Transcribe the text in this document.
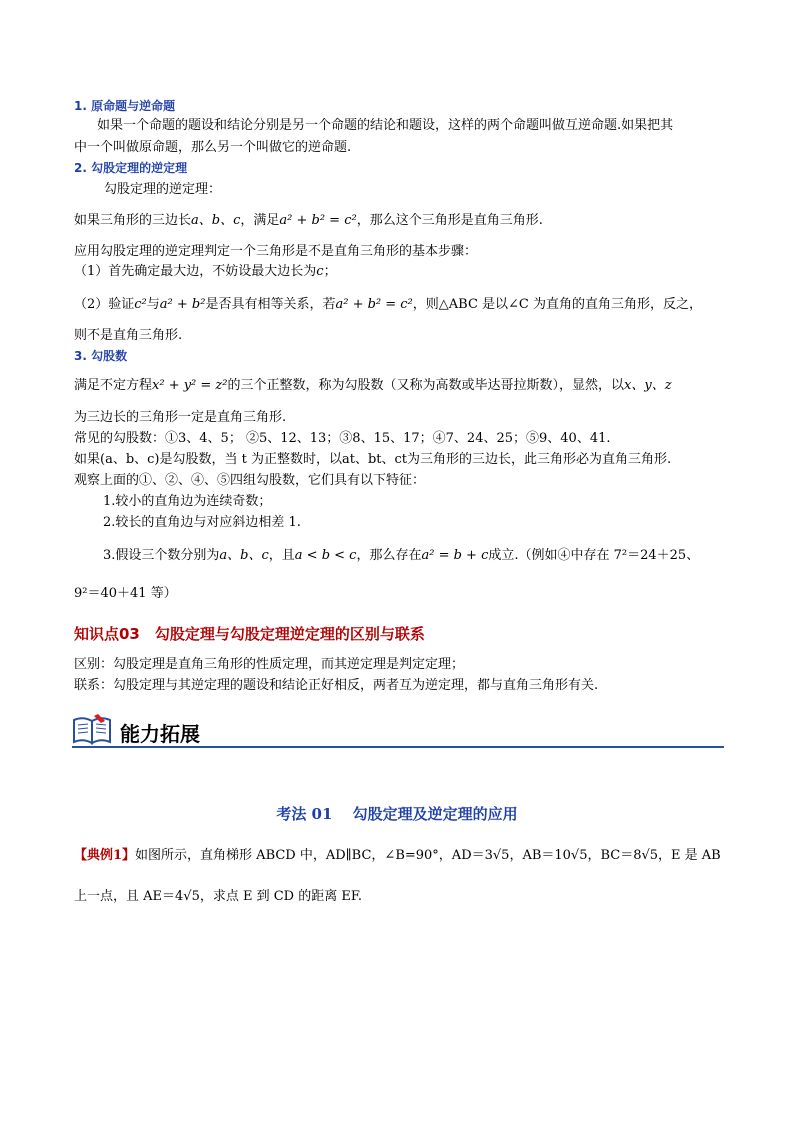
1. 原命题与逆命题
如果一个命题的题设和结论分别是另一个命题的结论和题设，这样的两个命题叫做互逆命题.如果把其
中一个叫做原命题，那么另一个叫做它的逆命题.
2. 勾股定理的逆定理
勾股定理的逆定理：
如果三角形的三边长a、b、c，满足a² + b² = c²，那么这个三角形是直角三角形.
应用勾股定理的逆定理判定一个三角形是不是直角三角形的基本步骤：
（1）首先确定最大边，不妨设最大边长为c；
（2）验证c²与a² + b²是否具有相等关系，若a² + b² = c²，则△ABC 是以∠C 为直角的直角三角形，反之，
则不是直角三角形.
3. 勾股数
满足不定方程x² + y² = z²的三个正整数，称为勾股数（又称为高数或毕达哥拉斯数），显然，以x、y、z
为三边长的三角形一定是直角三角形.
常见的勾股数：①3、4、5； ②5、12、13；③8、15、17；④7、24、25；⑤9、40、41.
如果(a、b、c)是勾股数，当 t 为正整数时，以at、bt、ct为三角形的三边长，此三角形必为直角三角形.
观察上面的①、②、④、⑤四组勾股数，它们具有以下特征：
1.较小的直角边为连续奇数；
2.较长的直角边与对应斜边相差 1.
3.假设三个数分别为a、b、c，且a < b < c，那么存在a² = b + c成立.（例如④中存在 7²＝24＋25、
9²＝40＋41 等）
知识点03　勾股定理与勾股定理逆定理的区别与联系
区别：勾股定理是直角三角形的性质定理，而其逆定理是判定定理；
联系：勾股定理与其逆定理的题设和结论正好相反，两者互为逆定理，都与直角三角形有关.
能力拓展
考法 01　 勾股定理及逆定理的应用
【典例1】如图所示，直角梯形 ABCD 中，AD∥BC，∠B=90°，AD＝3√5，AB＝10√5，BC＝8√5，E 是 AB
上一点，且 AE＝4√5，求点 E 到 CD 的距离 EF.
